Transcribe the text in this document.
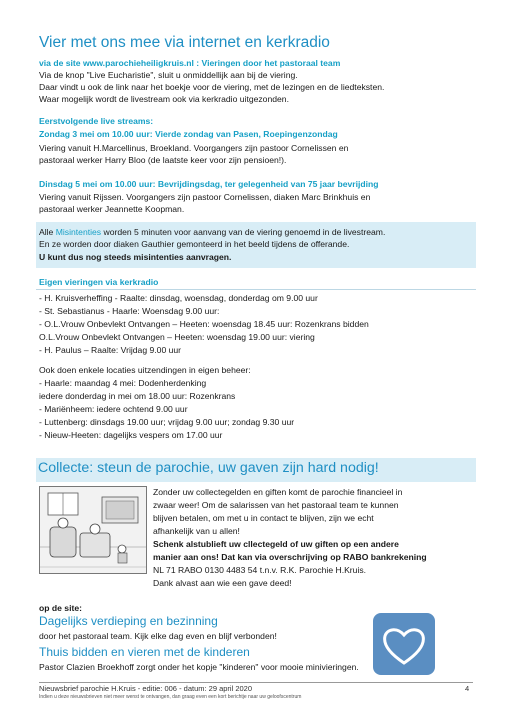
Vier met ons mee via internet en kerkradio
via de site www.parochieheiligkruis.nl : Vieringen door het pastoraal team
Via de knop "Live Eucharistie", sluit u onmiddellijk aan bij de viering.
Daar vindt u ook de link naar het boekje voor de viering, met de lezingen en de liedteksten.
Waar mogelijk wordt de livestream ook via kerkradio uitgezonden.
Eerstvolgende live streams:
Zondag 3 mei om 10.00 uur: Vierde zondag van Pasen, Roepingenzondag
Viering vanuit H.Marcellinus, Broekland. Voorgangers zijn pastoor Cornelissen en
pastoraal werker Harry Bloo (de laatste keer voor zijn pensioen!).
Dinsdag 5 mei om 10.00 uur: Bevrijdingsdag, ter gelegenheid van 75 jaar bevrijding
Viering vanuit Rijssen. Voorgangers zijn pastoor Cornelissen, diaken Marc Brinkhuis en
pastoraal werker Jeannette Koopman.
Alle Misintenties worden 5 minuten voor aanvang van de viering genoemd in de livestream.
En ze worden door diaken Gauthier gemonteerd in het beeld tijdens de offerande.
U kunt dus nog steeds misintenties aanvragen.
Eigen vieringen via kerkradio
- H. Kruisverheffing - Raalte: dinsdag, woensdag, donderdag om 9.00 uur
- St. Sebastianus - Haarle: Woensdag 9.00 uur:
- O.L.Vrouw Onbevlekt Ontvangen – Heeten: woensdag 18.45 uur: Rozenkrans bidden
O.L.Vrouw Onbevlekt Ontvangen – Heeten: woensdag 19.00 uur: viering
- H. Paulus – Raalte: Vrijdag 9.00 uur
Ook doen enkele locaties uitzendingen in eigen beheer:
- Haarle: maandag 4 mei: Dodenherdenking
iedere donderdag in mei om 18.00 uur: Rozenkrans
- Mariënheem: iedere ochtend 9.00 uur
- Luttenberg: dinsdags 19.00 uur; vrijdag 9.00 uur; zondag 9.30 uur
- Nieuw-Heeten: dagelijks vespers om 17.00 uur
Collecte: steun de parochie, uw gaven zijn hard nodig!
Zonder uw collectegelden en giften komt de parochie financieel in
zwaar weer! Om de salarissen van het pastoraal team te kunnen
blijven betalen, om met u in contact te blijven, zijn we echt
afhankelijk van u allen!
Schenk alstublieft uw cllectegeld of uw giften op een andere
manier aan ons! Dat kan via overschrijving op RABO bankrekening
NL 71 RABO 0130 4483 54 t.n.v. R.K. Parochie H.Kruis.
Dank alvast aan wie een gave deed!
op de site:
Dagelijks verdieping en bezinning
door het pastoraal team. Kijk elke dag even en blijf verbonden!
Thuis bidden en vieren met de kinderen
Pastor Clazien Broekhoff zorgt onder het kopje "kinderen" voor mooie minivieringen.
Nieuwsbrief parochie H.Kruis - editie: 006 - datum: 29 april 2020	4
Indien u deze nieuwsbrieven niet meer wenst te ontvangen, dan graag even een kort berichtje naar uw geloofscentrum
